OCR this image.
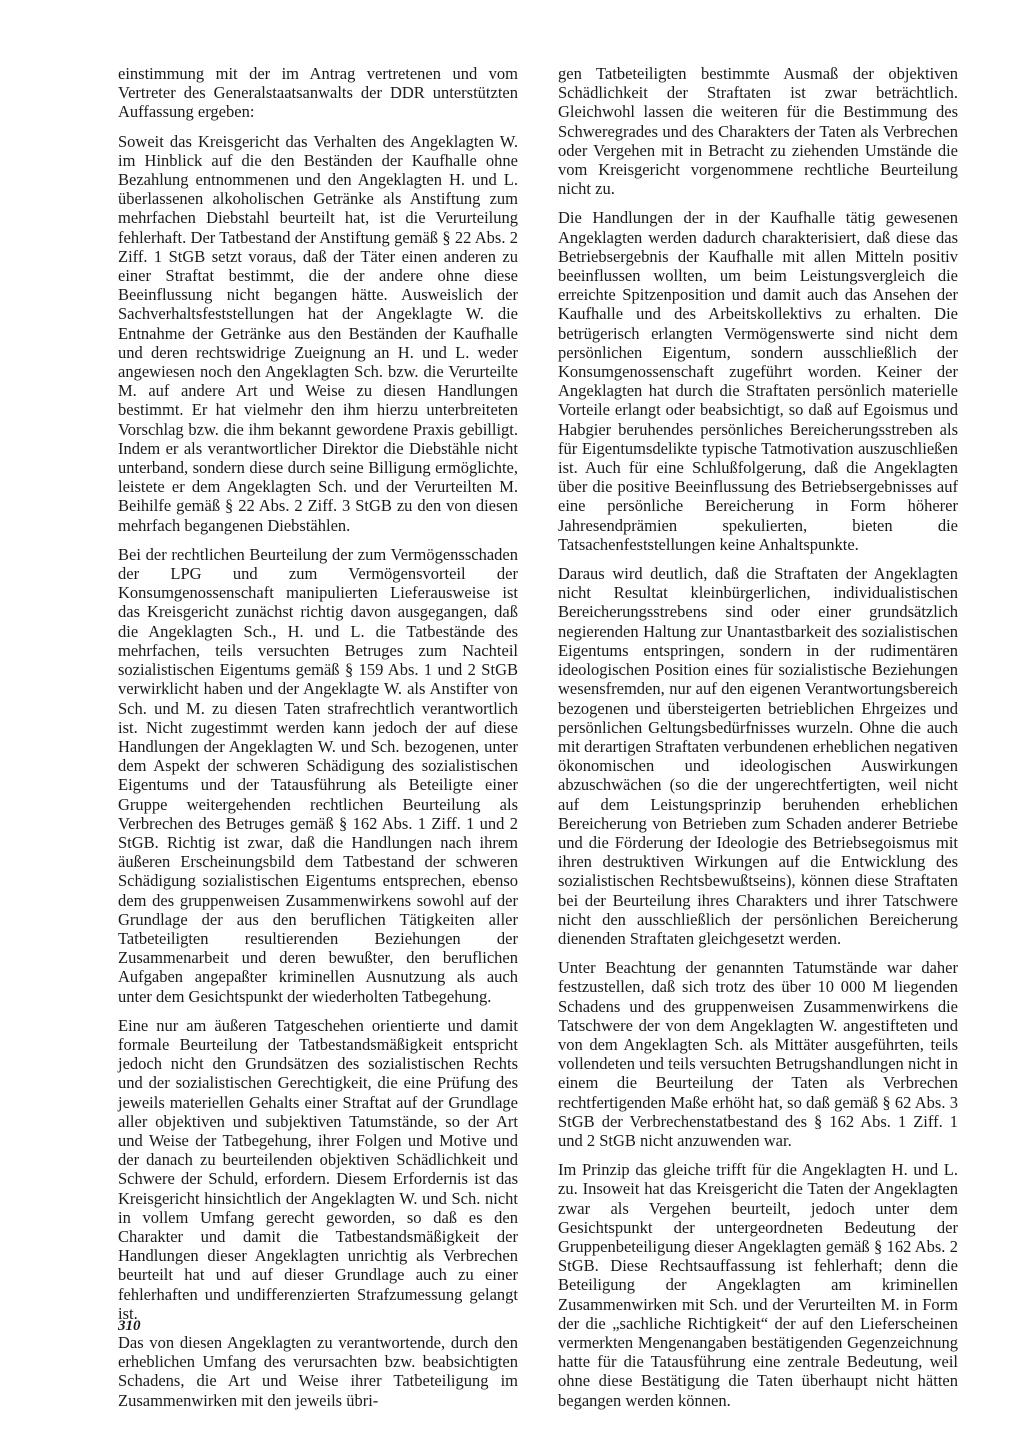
einstimmung mit der im Antrag vertretenen und vom Vertreter des Generalstaatsanwalts der DDR unterstützten Auffassung ergeben:

Soweit das Kreisgericht das Verhalten des Angeklagten W. im Hinblick auf die den Beständen der Kaufhalle ohne Bezahlung entnommenen und den Angeklagten H. und L. überlassenen alkoholischen Getränke als Anstiftung zum mehrfachen Diebstahl beurteilt hat, ist die Verurteilung fehlerhaft. Der Tatbestand der Anstiftung gemäß § 22 Abs. 2 Ziff. 1 StGB setzt voraus, daß der Täter einen anderen zu einer Straftat bestimmt, die der andere ohne diese Beeinflussung nicht begangen hätte. Ausweislich der Sachverhaltsfeststellungen hat der Angeklagte W. die Entnahme der Getränke aus den Beständen der Kaufhalle und deren rechtswidrige Zueignung an H. und L. weder angewiesen noch den Angeklagten Sch. bzw. die Verurteilte M. auf andere Art und Weise zu diesen Handlungen bestimmt. Er hat vielmehr den ihm hierzu unterbreiteten Vorschlag bzw. die ihm bekannt gewordene Praxis gebilligt. Indem er als verantwortlicher Direktor die Diebstähle nicht unterband, sondern diese durch seine Billigung ermöglichte, leistete er dem Angeklagten Sch. und der Verurteilten M. Beihilfe gemäß § 22 Abs. 2 Ziff. 3 StGB zu den von diesen mehrfach begangenen Diebstählen.

Bei der rechtlichen Beurteilung der zum Vermögensschaden der LPG und zum Vermögensvorteil der Konsumgenossenschaft manipulierten Lieferausweise ist das Kreisgericht zunächst richtig davon ausgegangen, daß die Angeklagten Sch., H. und L. die Tatbestände des mehrfachen, teils versuchten Betruges zum Nachteil sozialistischen Eigentums gemäß § 159 Abs. 1 und 2 StGB verwirklicht haben und der Angeklagte W. als Anstifter von Sch. und M. zu diesen Taten strafrechtlich verantwortlich ist. Nicht zugestimmt werden kann jedoch der auf diese Handlungen der Angeklagten W. und Sch. bezogenen, unter dem Aspekt der schweren Schädigung des sozialistischen Eigentums und der Tatausführung als Beteiligte einer Gruppe weitergehenden rechtlichen Beurteilung als Verbrechen des Betruges gemäß § 162 Abs. 1 Ziff. 1 und 2 StGB. Richtig ist zwar, daß die Handlungen nach ihrem äußeren Erscheinungsbild dem Tatbestand der schweren Schädigung sozialistischen Eigentums entsprechen, ebenso dem des gruppenweisen Zusammenwirkens sowohl auf der Grundlage der aus den beruflichen Tätigkeiten aller Tatbeteiligten resultierenden Beziehungen der Zusammenarbeit und deren bewußter, den beruflichen Aufgaben angepaßter kriminellen Ausnutzung als auch unter dem Gesichtspunkt der wiederholten Tatbegehung.

Eine nur am äußeren Tatgeschehen orientierte und damit formale Beurteilung der Tatbestandsmäßigkeit entspricht jedoch nicht den Grundsätzen des sozialistischen Rechts und der sozialistischen Gerechtigkeit, die eine Prüfung des jeweils materiellen Gehalts einer Straftat auf der Grundlage aller objektiven und subjektiven Tatumstände, so der Art und Weise der Tatbegehung, ihrer Folgen und Motive und der danach zu beurteilenden objektiven Schädlichkeit und Schwere der Schuld, erfordern. Diesem Erfordernis ist das Kreisgericht hinsichtlich der Angeklagten W. und Sch. nicht in vollem Umfang gerecht geworden, so daß es den Charakter und damit die Tatbestandsmäßigkeit der Handlungen dieser Angeklagten unrichtig als Verbrechen beurteilt hat und auf dieser Grundlage auch zu einer fehlerhaften und undifferenzierten Strafzumessung gelangt ist.

Das von diesen Angeklagten zu verantwortende, durch den erheblichen Umfang des verursachten bzw. beabsichtigten Schadens, die Art und Weise ihrer Tatbeteiligung im Zusammenwirken mit den jeweils übri-

gen Tatbeteiligten bestimmte Ausmaß der objektiven Schädlichkeit der Straftaten ist zwar beträchtlich. Gleichwohl lassen die weiteren für die Bestimmung des Schweregrades und des Charakters der Taten als Verbrechen oder Vergehen mit in Betracht zu ziehenden Umstände die vom Kreisgericht vorgenommene rechtliche Beurteilung nicht zu.

Die Handlungen der in der Kaufhalle tätig gewesenen Angeklagten werden dadurch charakterisiert, daß diese das Betriebsergebnis der Kaufhalle mit allen Mitteln positiv beeinflussen wollten, um beim Leistungsvergleich die erreichte Spitzenposition und damit auch das Ansehen der Kaufhalle und des Arbeitskollektivs zu erhalten. Die betrügerisch erlangten Vermögenswerte sind nicht dem persönlichen Eigentum, sondern ausschließlich der Konsumgenossenschaft zugeführt worden. Keiner der Angeklagten hat durch die Straftaten persönlich materielle Vorteile erlangt oder beabsichtigt, so daß auf Egoismus und Habgier beruhendes persönliches Bereicherungsstreben als für Eigentumsdelikte typische Tatmotivation auszuschließen ist. Auch für eine Schlußfolgerung, daß die Angeklagten über die positive Beeinflussung des Betriebsergebnisses auf eine persönliche Bereicherung in Form höherer Jahresendprämien spekulierten, bieten die Tatsachenfeststellungen keine Anhaltspunkte.

Daraus wird deutlich, daß die Straftaten der Angeklagten nicht Resultat kleinbürgerlichen, individualistischen Bereicherungsstrebens sind oder einer grundsätzlich negierenden Haltung zur Unantastbarkeit des sozialistischen Eigentums entspringen, sondern in der rudimentären ideologischen Position eines für sozialistische Beziehungen wesensfremden, nur auf den eigenen Verantwortungsbereich bezogenen und übersteigerten betrieblichen Ehrgeizes und persönlichen Geltungsbedürfnisses wurzeln. Ohne die auch mit derartigen Straftaten verbundenen erheblichen negativen ökonomischen und ideologischen Auswirkungen abzuschwächen (so die der ungerechtfertigten, weil nicht auf dem Leistungsprinzip beruhenden erheblichen Bereicherung von Betrieben zum Schaden anderer Betriebe und die Förderung der Ideologie des Betriebsegoismus mit ihren destruktiven Wirkungen auf die Entwicklung des sozialistischen Rechtsbewußtseins), können diese Straftaten bei der Beurteilung ihres Charakters und ihrer Tatschwere nicht den ausschließlich der persönlichen Bereicherung dienenden Straftaten gleichgesetzt werden.

Unter Beachtung der genannten Tatumstände war daher festzustellen, daß sich trotz des über 10 000 M liegenden Schadens und des gruppenweisen Zusammenwirkens die Tatschwere der von dem Angeklagten W. angestifteten und von dem Angeklagten Sch. als Mittäter ausgeführten, teils vollendeten und teils versuchten Betrugshandlungen nicht in einem die Beurteilung der Taten als Verbrechen rechtfertigenden Maße erhöht hat, so daß gemäß § 62 Abs. 3 StGB der Verbrechenstatbestand des § 162 Abs. 1 Ziff. 1 und 2 StGB nicht anzuwenden war.

Im Prinzip das gleiche trifft für die Angeklagten H. und L. zu. Insoweit hat das Kreisgericht die Taten der Angeklagten zwar als Vergehen beurteilt, jedoch unter dem Gesichtspunkt der untergeordneten Bedeutung der Gruppenbeteiligung dieser Angeklagten gemäß § 162 Abs. 2 StGB. Diese Rechtsauffassung ist fehlerhaft; denn die Beteiligung der Angeklagten am kriminellen Zusammenwirken mit Sch. und der Verurteilten M. in Form der die „sachliche Richtigkeit“ der auf den Lieferscheinen vermerkten Mengenangaben bestätigenden Gegenzeichnung hatte für die Tatausführung eine zentrale Bedeutung, weil ohne diese Bestätigung die Taten überhaupt nicht hätten begangen werden können.

310
